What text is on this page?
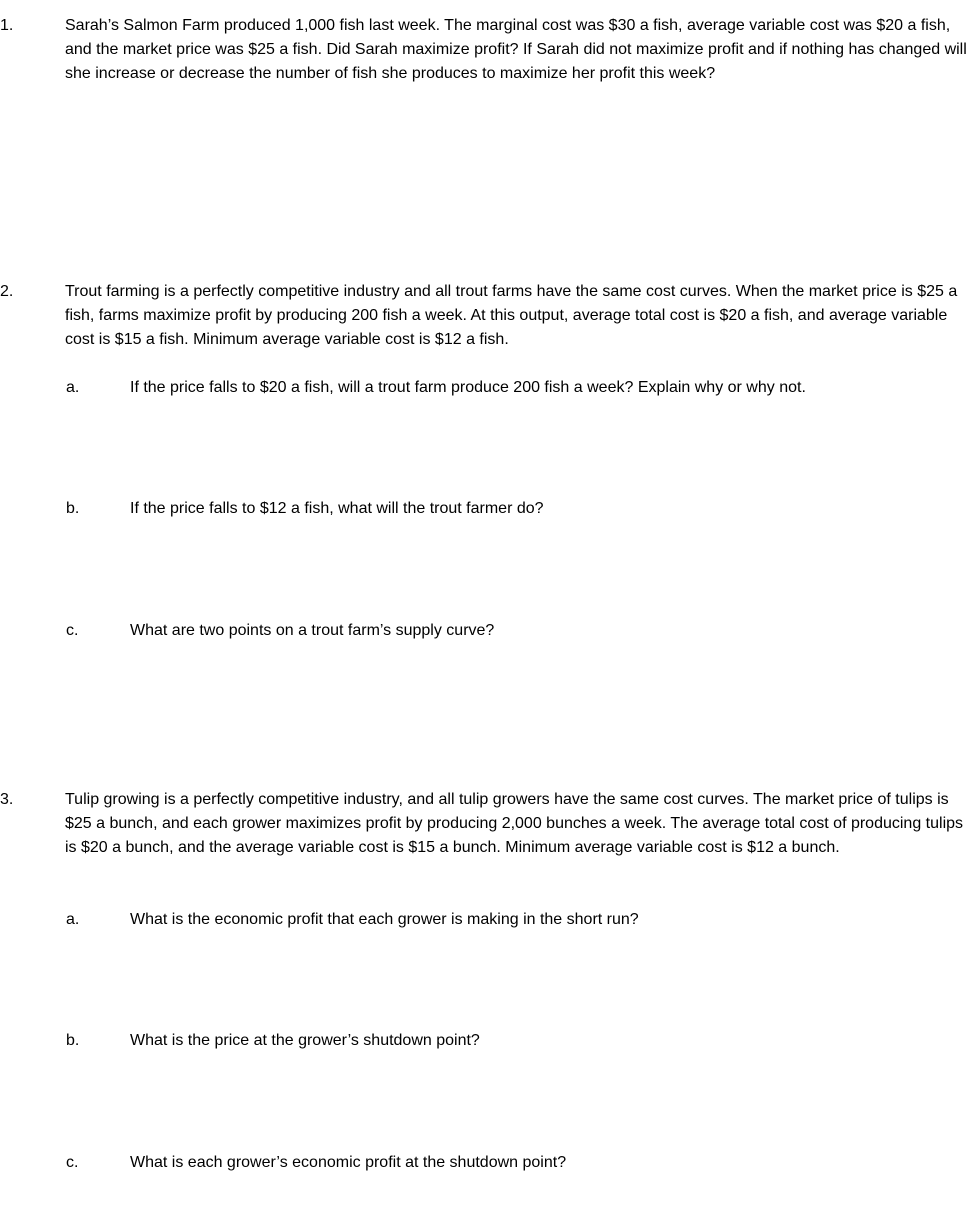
1.	Sarah’s Salmon Farm produced 1,000 fish last week. The marginal cost was $30 a fish, average variable cost was $20 a fish, and the market price was $25 a fish. Did Sarah maximize profit? If Sarah did not maximize profit and if nothing has changed will she increase or decrease the number of fish she produces to maximize her profit this week?
2.	Trout farming is a perfectly competitive industry and all trout farms have the same cost curves. When the market price is $25 a fish, farms maximize profit by producing 200 fish a week. At this output, average total cost is $20 a fish, and average variable cost is $15 a fish. Minimum average variable cost is $12 a fish.
a.	If the price falls to $20 a fish, will a trout farm produce 200 fish a week? Explain why or why not.
b.	If the price falls to $12 a fish, what will the trout farmer do?
c.	What are two points on a trout farm’s supply curve?
3.	Tulip growing is a perfectly competitive industry, and all tulip growers have the same cost curves. The market price of tulips is $25 a bunch, and each grower maximizes profit by producing 2,000 bunches a week. The average total cost of producing tulips is $20 a bunch, and the average variable cost is $15 a bunch. Minimum average variable cost is $12 a bunch.
a.	What is the economic profit that each grower is making in the short run?
b.	What is the price at the grower’s shutdown point?
c.	What is each grower’s economic profit at the shutdown point?
